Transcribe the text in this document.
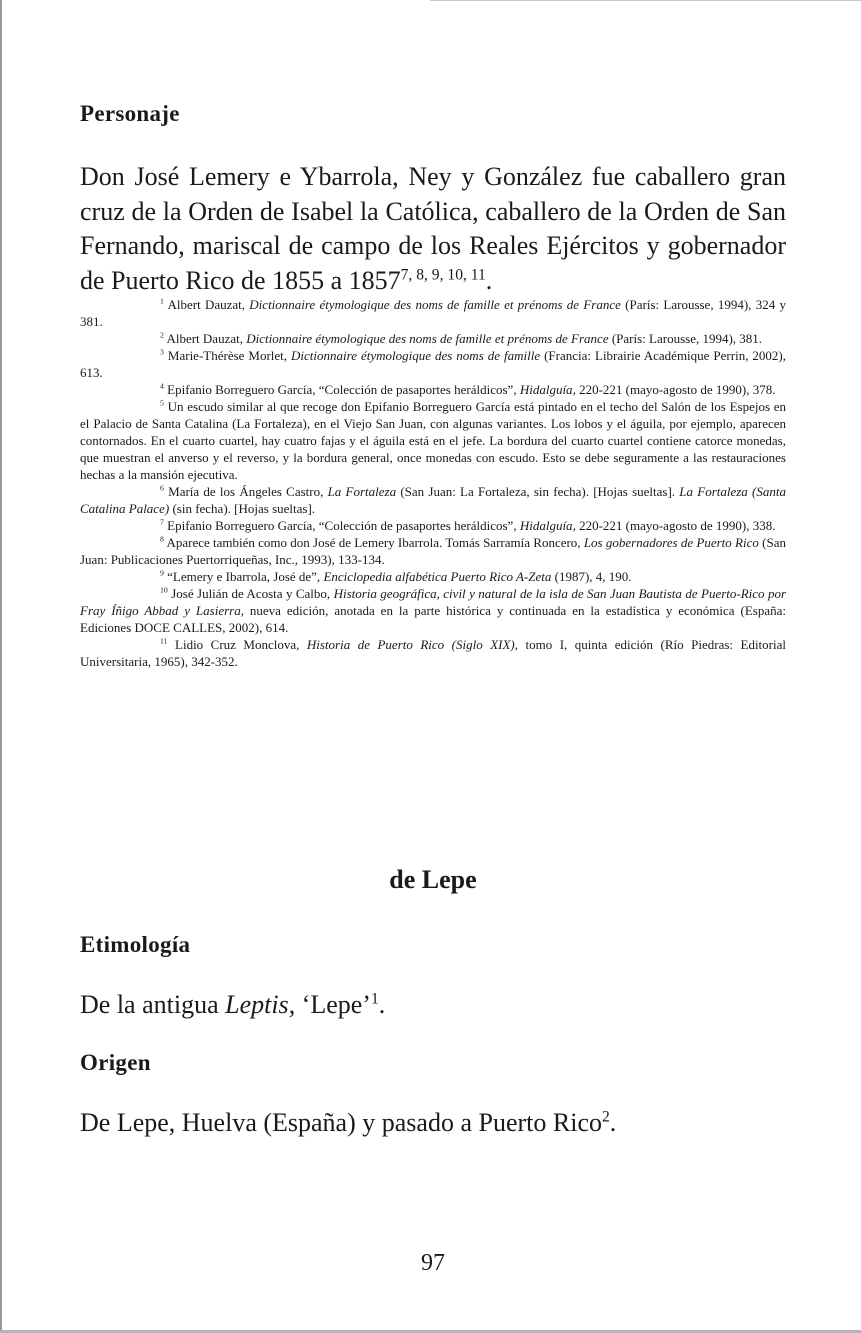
Personaje

Don José Lemery e Ybarrola, Ney y González fue caballero gran cruz de la Orden de Isabel la Católica, caballero de la Orden de San Fernando, mariscal de campo de los Reales Ejércitos y gobernador de Puerto Rico de 1855 a 1857$^{7, 8, 9, 10, 11}$.

$^1$ Albert Dauzat, Dictionnaire étymologique des noms de famille et prénoms de France (París: Larousse, 1994), 324 y 381.

$^2$ Albert Dauzat, Dictionnaire étymologique des noms de famille et prénoms de France (París: Larousse, 1994), 381.

$^3$ Marie-Thérèse Morlet, Dictionnaire étymologique des noms de famille (Francia: Librairie Académique Perrin, 2002), 613.

$^4$ Epifanio Borreguero García, “Colección de pasaportes heráldicos”, Hidalguía, 220-221 (mayo-agosto de 1990), 378.

$^5$ Un escudo similar al que recoge don Epifanio Borreguero García está pintado en el techo del Salón de los Espejos en el Palacio de Santa Catalina (La Fortaleza), en el Viejo San Juan, con algunas variantes. Los lobos y el águila, por ejemplo, aparecen contornados. En el cuarto cuartel, hay cuatro fajas y el águila está en el jefe. La bordura del cuarto cuartel contiene catorce monedas, que muestran el anverso y el reverso, y la bordura general, once monedas con escudo. Esto se debe seguramente a las restauraciones hechas a la mansión ejecutiva.

$^6$ María de los Ángeles Castro, La Fortaleza (San Juan: La Fortaleza, sin fecha). [Hojas sueltas]. La Fortaleza (Santa Catalina Palace) (sin fecha). [Hojas sueltas].

$^7$ Epifanio Borreguero García, “Colección de pasaportes heráldicos”, Hidalguía, 220-221 (mayo-agosto de 1990), 338.

$^8$ Aparece también como don José de Lemery Ibarrola. Tomás Sarramía Roncero, Los gobernadores de Puerto Rico (San Juan: Publicaciones Puertorriqueñas, Inc., 1993), 133-134.

$^9$ “Lemery e Ibarrola, José de”, Enciclopedia alfabética Puerto Rico A-Zeta (1987), 4, 190.

$^{10}$ José Julián de Acosta y Calbo, Historia geográfica, civil y natural de la isla de San Juan Bautista de Puerto-Rico por Fray Íñigo Abbad y Lasierra, nueva edición, anotada en la parte histórica y continuada en la estadística y económica (España: Ediciones DOCE CALLES, 2002), 614.

$^{11}$ Lidio Cruz Monclova, Historia de Puerto Rico (Siglo XIX), tomo I, quinta edición (Río Piedras: Editorial Universitaria, 1965), 342-352.

de Lepe
Etimología

De la antigua Leptis, ‘Lepe’$^1$.

Origen

De Lepe, Huelva (España) y pasado a Puerto Rico$^2$.

97
